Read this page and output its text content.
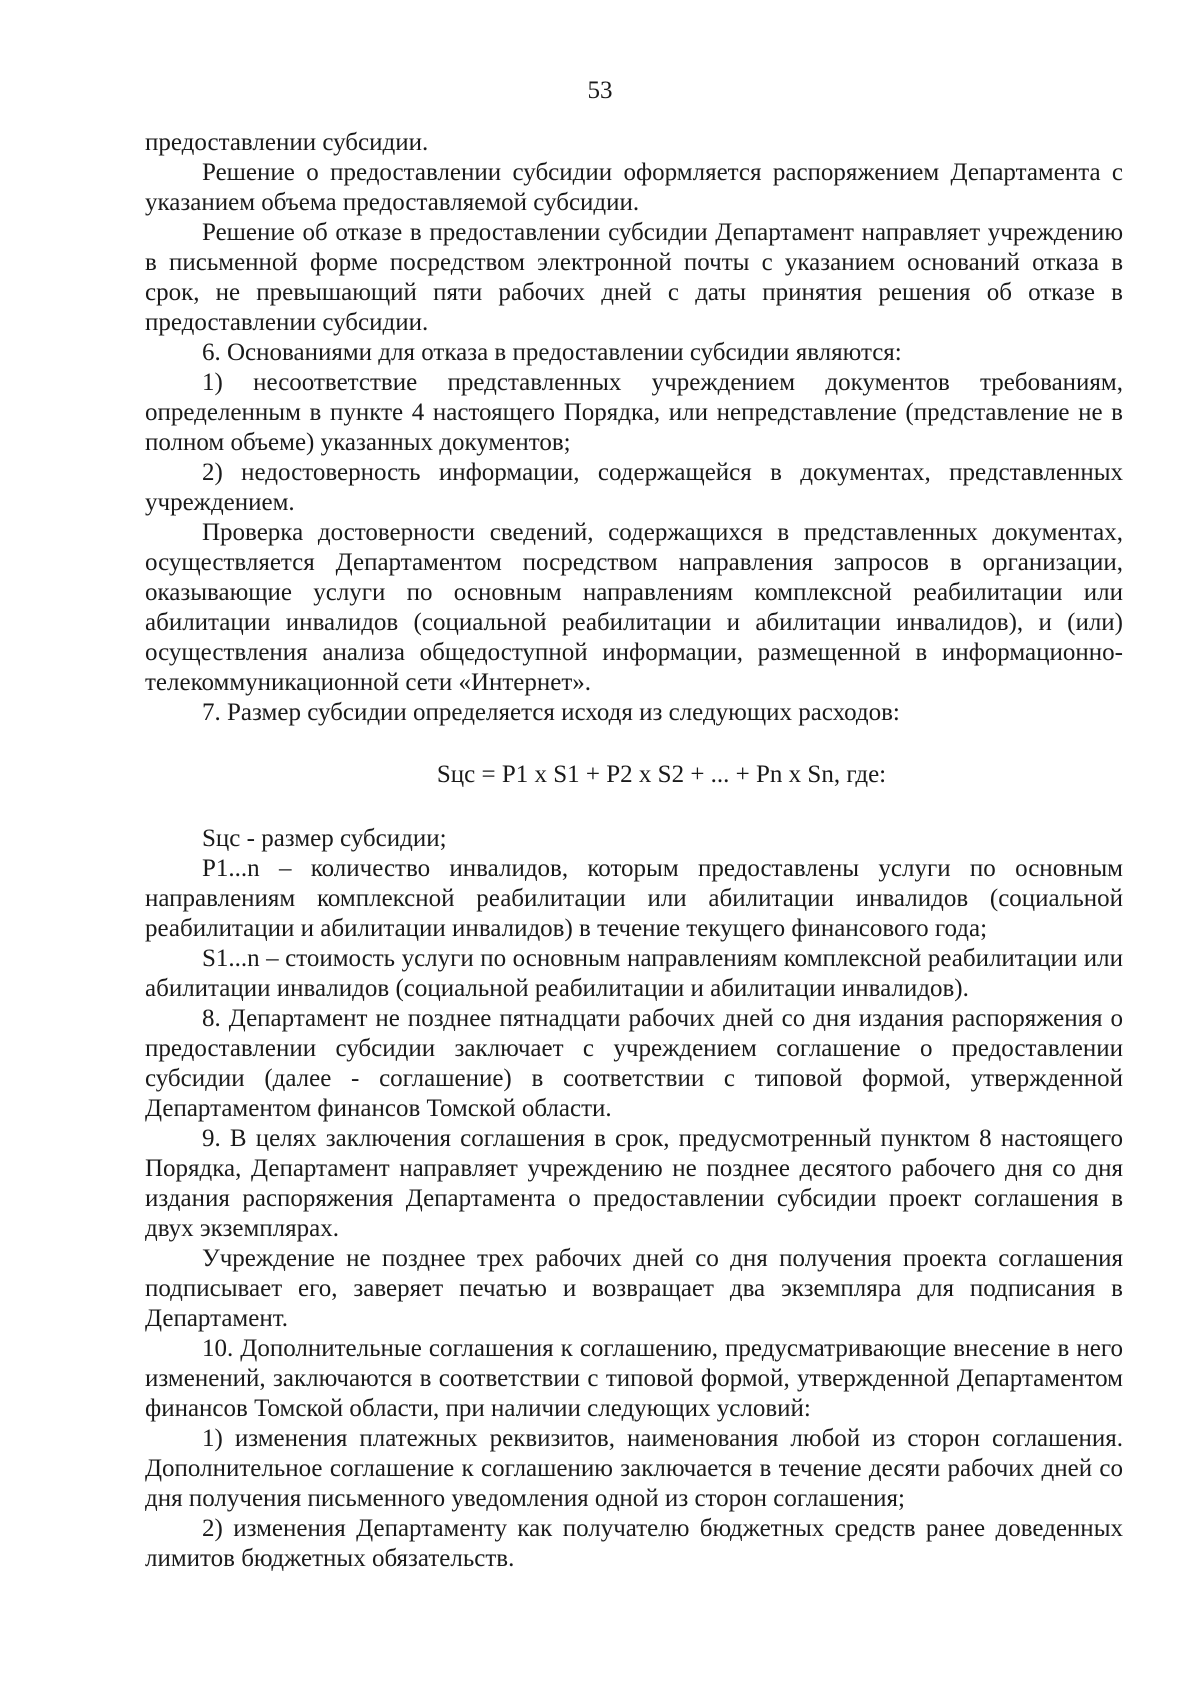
53

предоставлении субсидии.

Решение о предоставлении субсидии оформляется распоряжением Департамента с указанием объема предоставляемой субсидии.

Решение об отказе в предоставлении субсидии Департамент направляет учреждению в письменной форме посредством электронной почты с указанием оснований отказа в срок, не превышающий пяти рабочих дней с даты принятия решения об отказе в предоставлении субсидии.

6. Основаниями для отказа в предоставлении субсидии являются:

1) несоответствие представленных учреждением документов требованиям, определенным в пункте 4 настоящего Порядка, или непредставление (представление не в полном объеме) указанных документов;

2) недостоверность информации, содержащейся в документах, представленных учреждением.

Проверка достоверности сведений, содержащихся в представленных документах, осуществляется Департаментом посредством направления запросов в организации, оказывающие услуги по основным направлениям комплексной реабилитации или абилитации инвалидов (социальной реабилитации и абилитации инвалидов), и (или) осуществления анализа общедоступной информации, размещенной в информационно-телекоммуникационной сети «Интернет».

7. Размер субсидии определяется исходя из следующих расходов:

Sцс = P1 x S1 + P2 x S2 + ... + Pn x Sn, где:

Sцс - размер субсидии;

P1...n – количество инвалидов, которым предоставлены услуги по основным направлениям комплексной реабилитации или абилитации инвалидов (социальной реабилитации и абилитации инвалидов) в течение текущего финансового года;

S1...n – стоимость услуги по основным направлениям комплексной реабилитации или абилитации инвалидов (социальной реабилитации и абилитации инвалидов).

8. Департамент не позднее пятнадцати рабочих дней со дня издания распоряжения о предоставлении субсидии заключает с учреждением соглашение о предоставлении субсидии (далее - соглашение) в соответствии с типовой формой, утвержденной Департаментом финансов Томской области.

9. В целях заключения соглашения в срок, предусмотренный пунктом 8 настоящего Порядка, Департамент направляет учреждению не позднее десятого рабочего дня со дня издания распоряжения Департамента о предоставлении субсидии проект соглашения в двух экземплярах.

Учреждение не позднее трех рабочих дней со дня получения проекта соглашения подписывает его, заверяет печатью и возвращает два экземпляра для подписания в Департамент.

10. Дополнительные соглашения к соглашению, предусматривающие внесение в него изменений, заключаются в соответствии с типовой формой, утвержденной Департаментом финансов Томской области, при наличии следующих условий:

1) изменения платежных реквизитов, наименования любой из сторон соглашения. Дополнительное соглашение к соглашению заключается в течение десяти рабочих дней со дня получения письменного уведомления одной из сторон соглашения;

2) изменения Департаменту как получателю бюджетных средств ранее доведенных лимитов бюджетных обязательств.
